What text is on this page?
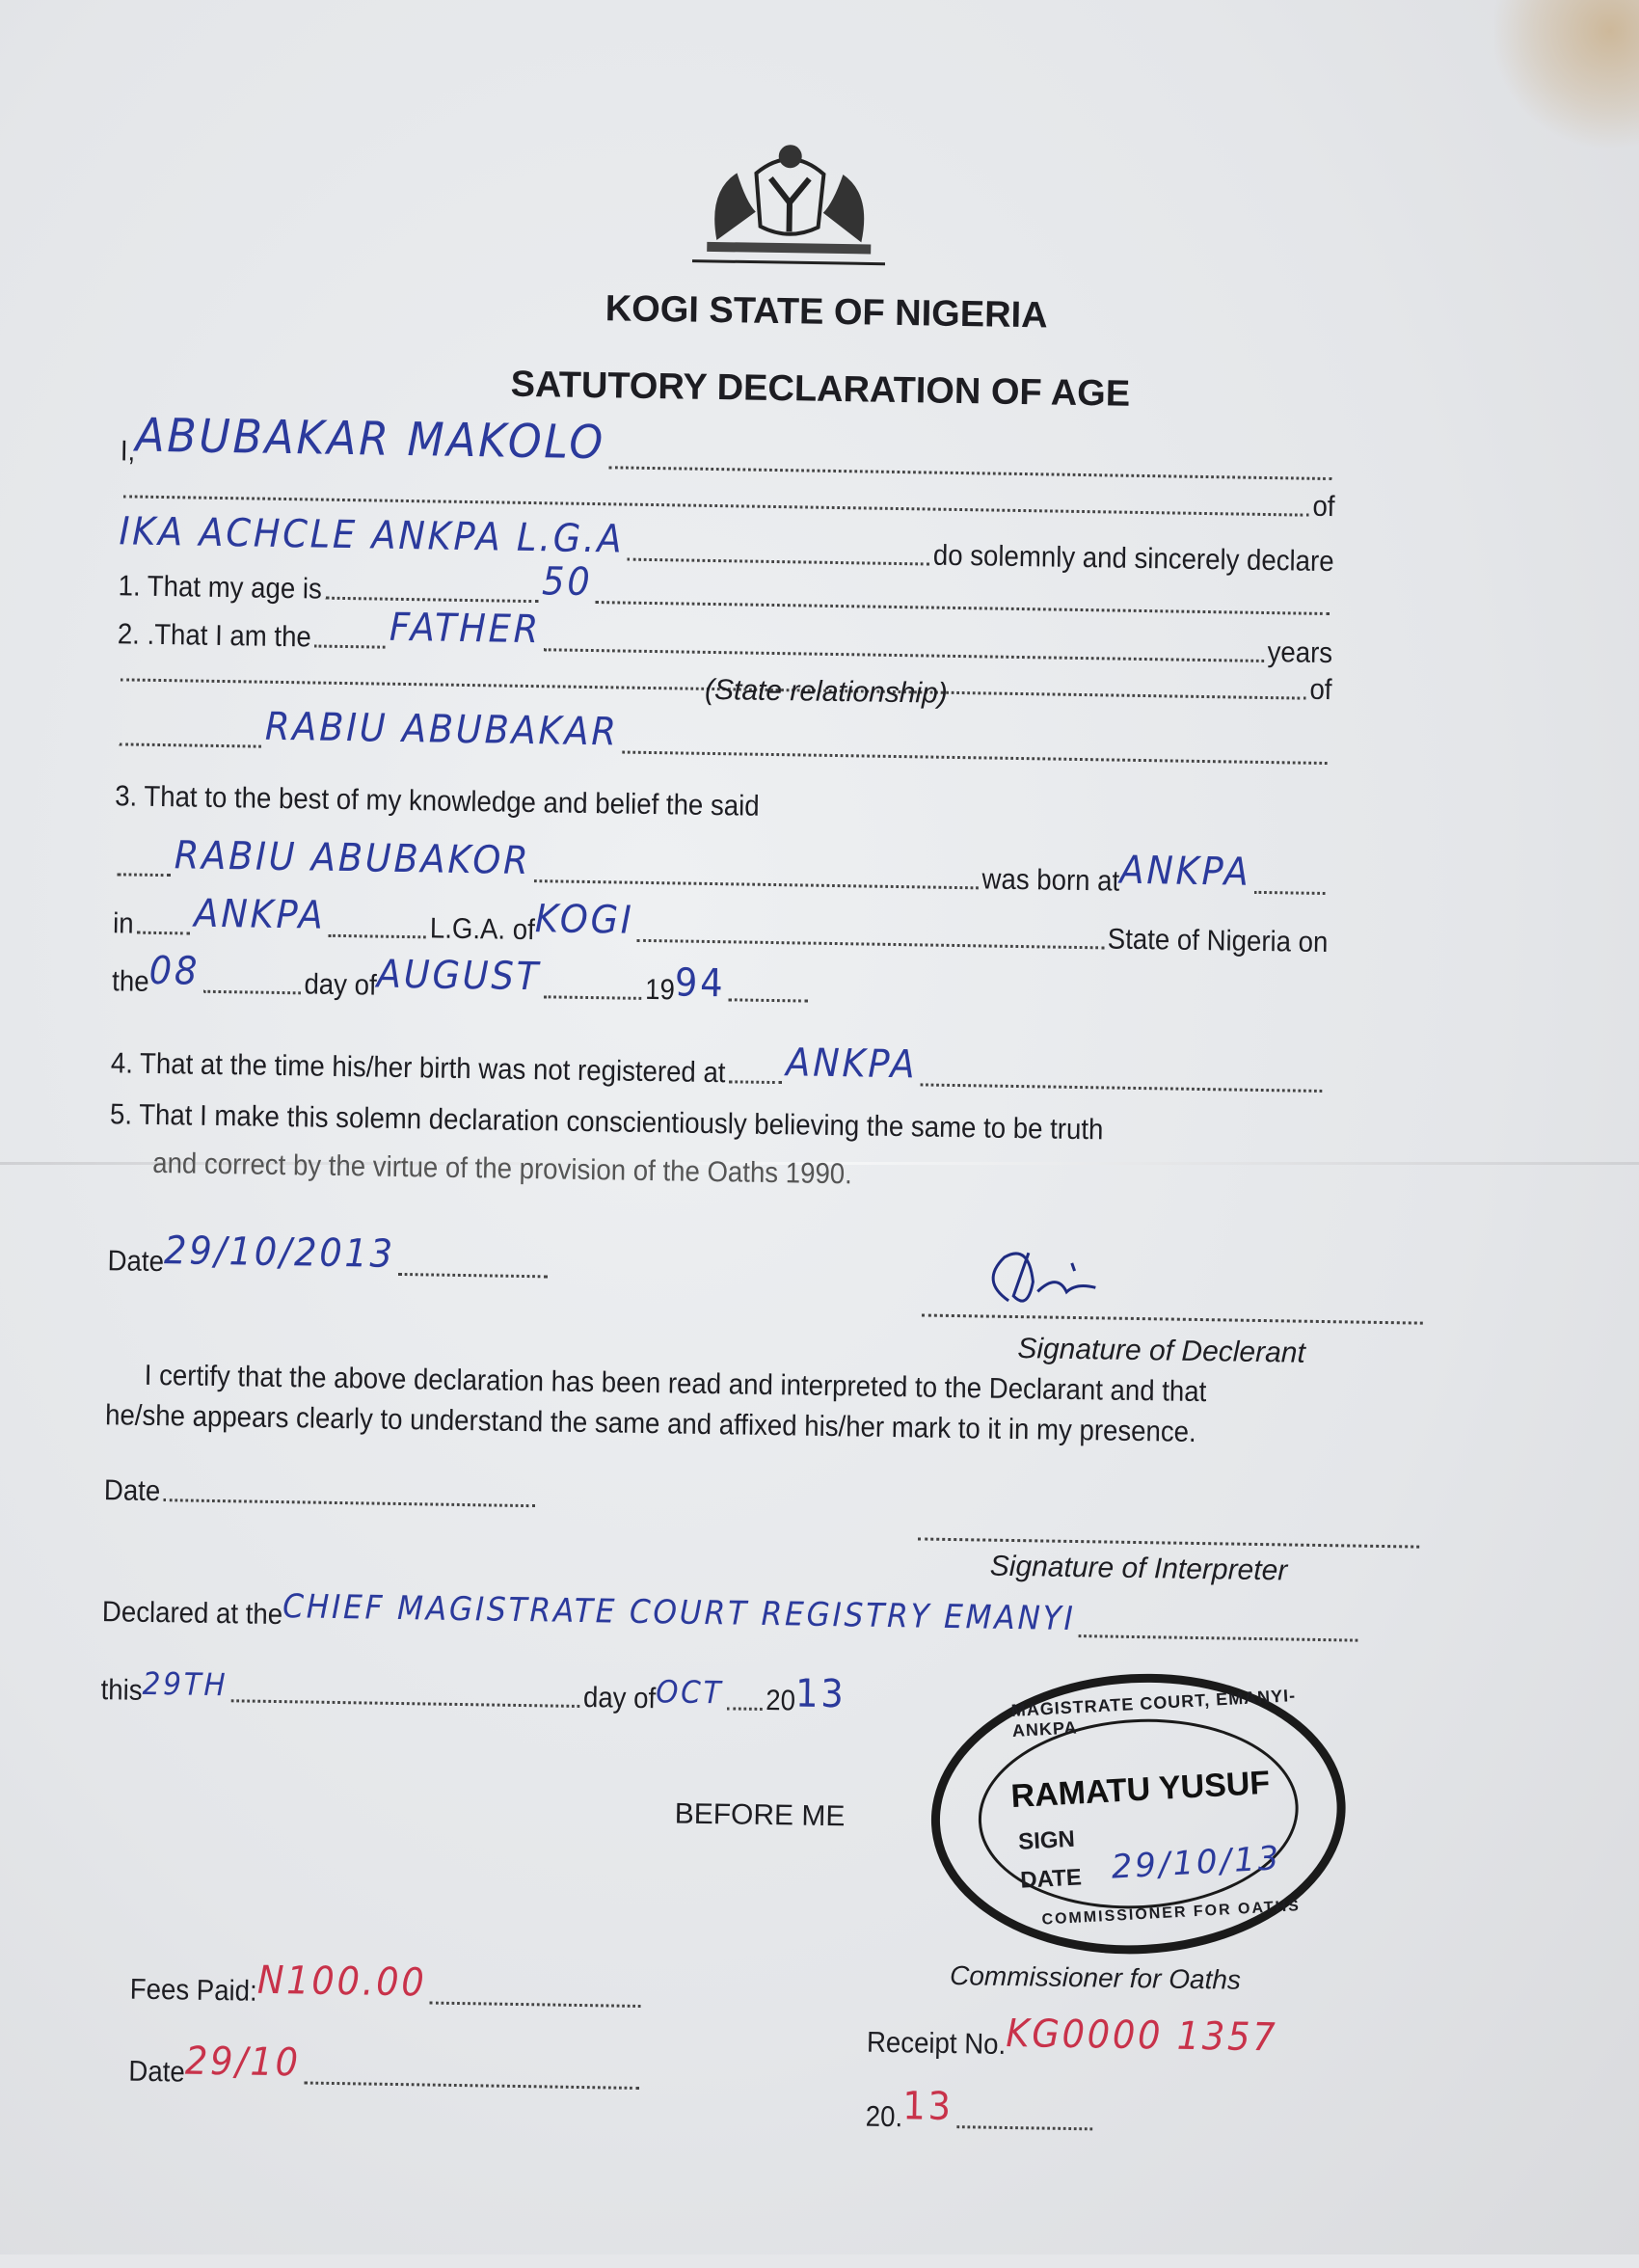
KOGI STATE OF NIGERIA
SATUTORY DECLARATION OF AGE
I, ABUBAKAR MAKOLO
of
IKA ACHCLE ANKPA L.G.A	do solemnly and sincerely declare
1. That my age is	50
2. .That I am the FATHER
years
of
(State relationship)
RABIU ABUBAKAR
3. That to the best of my knowledge and belief the said
RABIU ABUBAKOR	was born at ANKPA
in ANKPA	L.G.A. of KOGI	State of Nigeria on
the 08	day of AUGUST	19 94
4. That at the time his/her birth was not registered at ANKPA
5. That I make this solemn declaration conscientiously believing the same to be truth
and correct by the virtue of the provision of the Oaths 1990.
Date 29/10/2013
Signature of Declerant
I certify that the above declaration has been read and interpreted to the Declarant and that
he/she appears clearly to understand the same and affixed his/her mark to it in my presence.
Date
Signature of Interpreter
Declared at the CHIEF MAGISTRATE COURT REGISTRY EMANYI
this 29TH	day of OCT 20 13
BEFORE ME
MAGISTRATE COURT, EMANYI-ANKPA
RAMATU YUSUF
SIGN
DATE 29/10/13
COMMISSIONER FOR OATHS
Commissioner for Oaths
Fees Paid: N100.00
Receipt No. KG0000 1357
Date 29/10
20. 13
